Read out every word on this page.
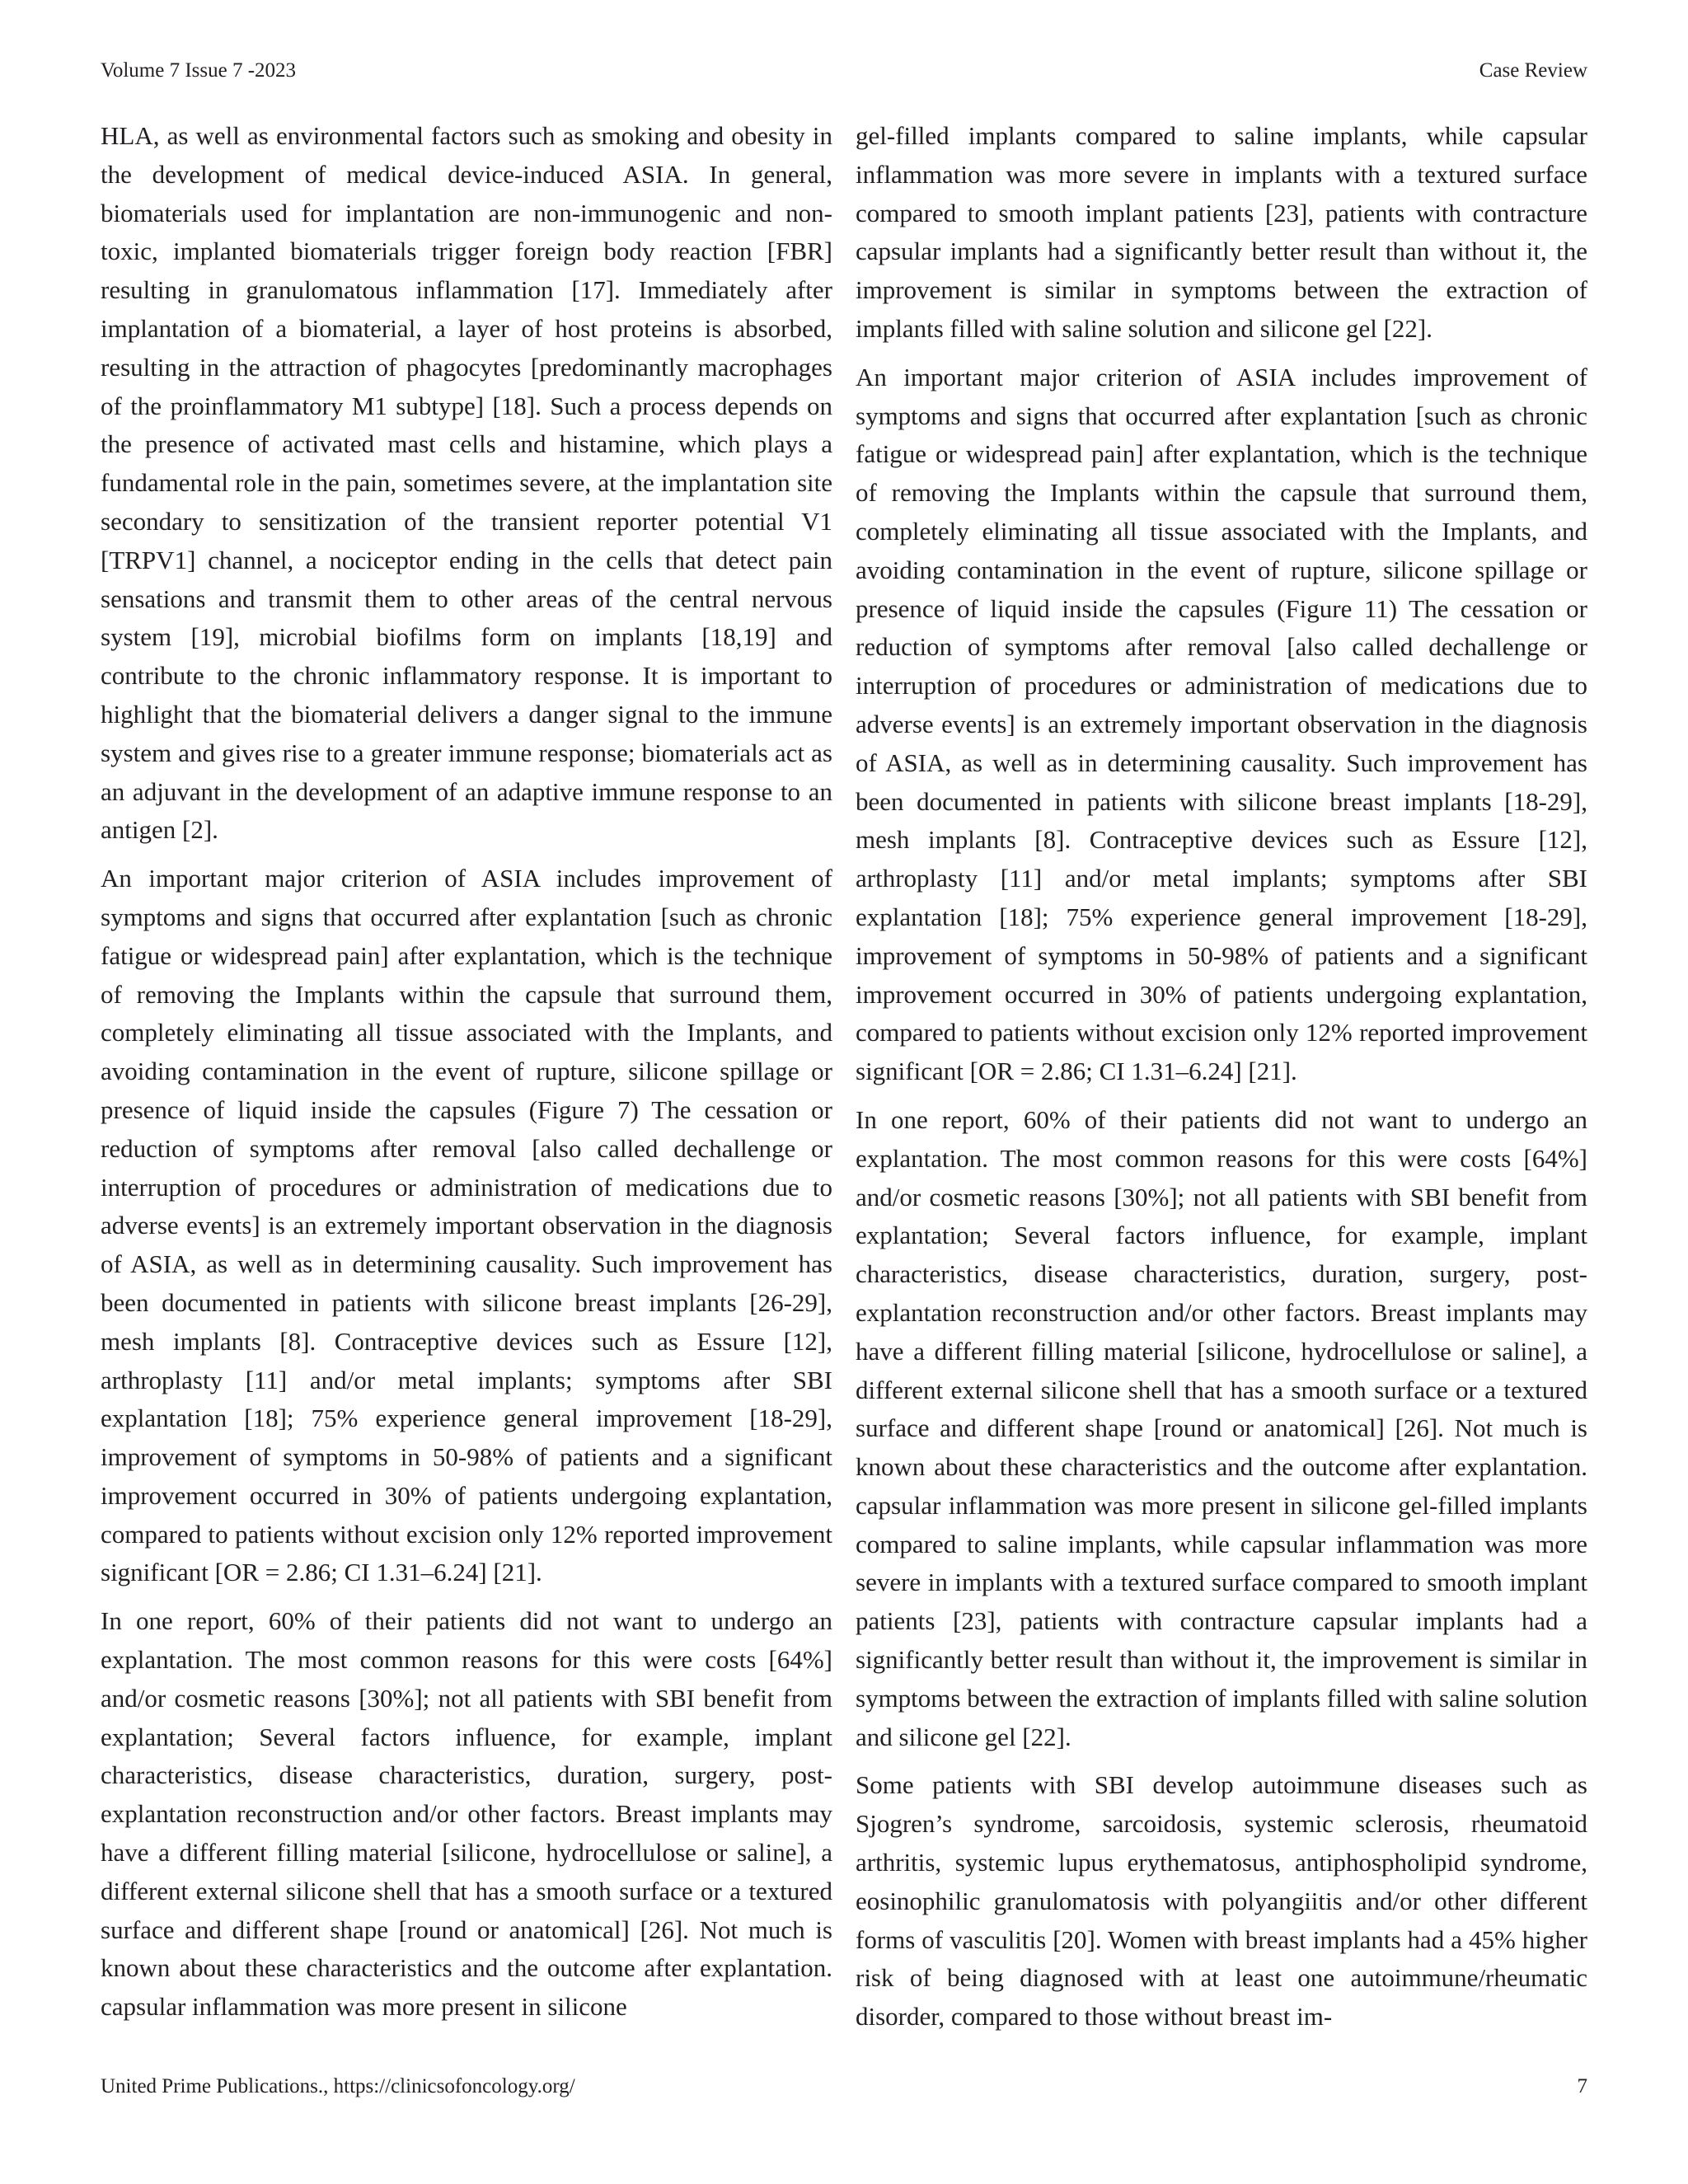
Volume 7 Issue 7 -2023	Case Review

HLA, as well as environmental factors such as smoking and obesity in the development of medical device-induced ASIA. In general, biomaterials used for implantation are non-immunogenic and non-toxic, implanted biomaterials trigger foreign body reaction [FBR] resulting in granulomatous inflammation [17]. Immediately after implantation of a biomaterial, a layer of host proteins is absorbed, resulting in the attraction of phagocytes [predominantly macrophages of the proinflammatory M1 subtype] [18]. Such a process depends on the presence of activated mast cells and histamine, which plays a fundamental role in the pain, sometimes severe, at the implantation site secondary to sensitization of the transient reporter potential V1 [TRPV1] channel, a nociceptor ending in the cells that detect pain sensations and transmit them to other areas of the central nervous system [19], microbial biofilms form on implants [18,19] and contribute to the chronic inflammatory response. It is important to highlight that the biomaterial delivers a danger signal to the immune system and gives rise to a greater immune response; biomaterials act as an adjuvant in the development of an adaptive immune response to an antigen [2].

An important major criterion of ASIA includes improvement of symptoms and signs that occurred after explantation [such as chronic fatigue or widespread pain] after explantation, which is the technique of removing the Implants within the capsule that surround them, completely eliminating all tissue associated with the Implants, and avoiding contamination in the event of rupture, silicone spillage or presence of liquid inside the capsules (Figure 7) The cessation or reduction of symptoms after removal [also called dechallenge or interruption of procedures or administration of medications due to adverse events] is an extremely important observation in the diagnosis of ASIA, as well as in determining causality. Such improvement has been documented in patients with silicone breast implants [26-29], mesh implants [8]. Contraceptive devices such as Essure [12], arthroplasty [11] and/or metal implants; symptoms after SBI explantation [18]; 75% experience general improvement [18-29], improvement of symptoms in 50-98% of patients and a significant improvement occurred in 30% of patients undergoing explantation, compared to patients without excision only 12% reported improvement significant [OR = 2.86; CI 1.31–6.24] [21].

In one report, 60% of their patients did not want to undergo an explantation. The most common reasons for this were costs [64%] and/or cosmetic reasons [30%]; not all patients with SBI benefit from explantation; Several factors influence, for example, implant characteristics, disease characteristics, duration, surgery, post-explantation reconstruction and/or other factors. Breast implants may have a different filling material [silicone, hydrocellulose or saline], a different external silicone shell that has a smooth surface or a textured surface and different shape [round or anatomical] [26]. Not much is known about these characteristics and the outcome after explantation. capsular inflammation was more present in silicone

gel-filled implants compared to saline implants, while capsular inflammation was more severe in implants with a textured surface compared to smooth implant patients [23], patients with contracture capsular implants had a significantly better result than without it, the improvement is similar in symptoms between the extraction of implants filled with saline solution and silicone gel [22].

An important major criterion of ASIA includes improvement of symptoms and signs that occurred after explantation [such as chronic fatigue or widespread pain] after explantation, which is the technique of removing the Implants within the capsule that surround them, completely eliminating all tissue associated with the Implants, and avoiding contamination in the event of rupture, silicone spillage or presence of liquid inside the capsules (Figure 11) The cessation or reduction of symptoms after removal [also called dechallenge or interruption of procedures or administration of medications due to adverse events] is an extremely important observation in the diagnosis of ASIA, as well as in determining causality. Such improvement has been documented in patients with silicone breast implants [18-29], mesh implants [8]. Contraceptive devices such as Essure [12], arthroplasty [11] and/or metal implants; symptoms after SBI explantation [18]; 75% experience general improvement [18-29], improvement of symptoms in 50-98% of patients and a significant improvement occurred in 30% of patients undergoing explantation, compared to patients without excision only 12% reported improvement significant [OR = 2.86; CI 1.31–6.24] [21].

In one report, 60% of their patients did not want to undergo an explantation. The most common reasons for this were costs [64%] and/or cosmetic reasons [30%]; not all patients with SBI benefit from explantation; Several factors influence, for example, implant characteristics, disease characteristics, duration, surgery, post-explantation reconstruction and/or other factors. Breast implants may have a different filling material [silicone, hydrocellulose or saline], a different external silicone shell that has a smooth surface or a textured surface and different shape [round or anatomical] [26]. Not much is known about these characteristics and the outcome after explantation. capsular inflammation was more present in silicone gel-filled implants compared to saline implants, while capsular inflammation was more severe in implants with a textured surface compared to smooth implant patients [23], patients with contracture capsular implants had a significantly better result than without it, the improvement is similar in symptoms between the extraction of implants filled with saline solution and silicone gel [22].

Some patients with SBI develop autoimmune diseases such as Sjogren’s syndrome, sarcoidosis, systemic sclerosis, rheumatoid arthritis, systemic lupus erythematosus, antiphospholipid syndrome, eosinophilic granulomatosis with polyangiitis and/or other different forms of vasculitis [20]. Women with breast implants had a 45% higher risk of being diagnosed with at least one autoimmune/rheumatic disorder, compared to those without breast im-

United Prime Publications., https://clinicsofoncology.org/	7
